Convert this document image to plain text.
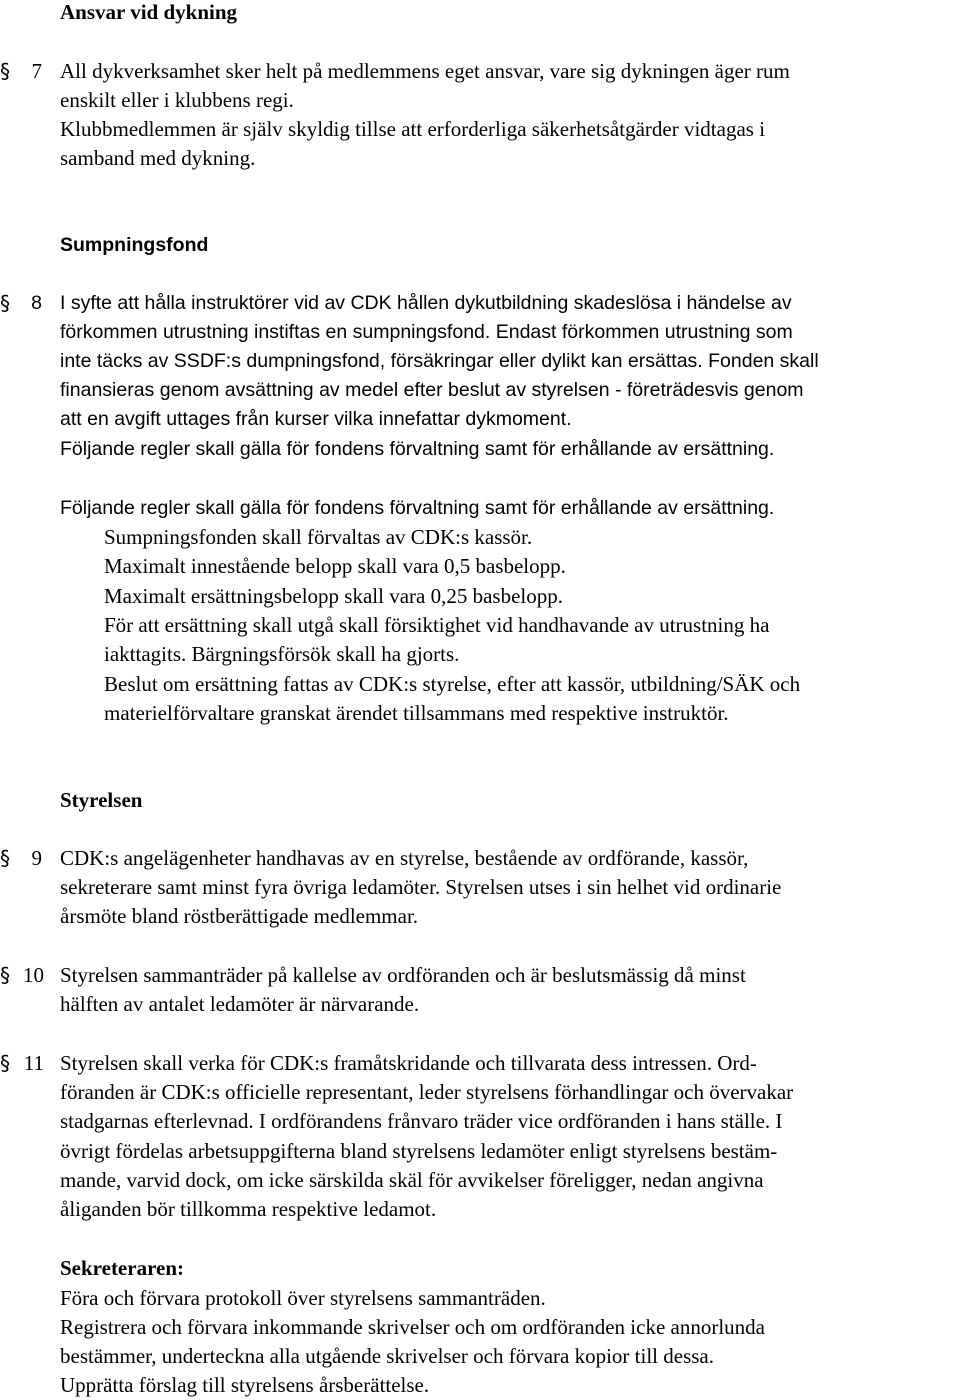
Ansvar vid dykning
§	7 All dykverksamhet sker helt på medlemmens eget ansvar, vare sig dykningen äger rum
enskilt eller i klubbens regi.
Klubbmedlemmen är själv skyldig tillse att erforderliga säkerhetsåtgärder vidtagas i
samband med dykning.
Sumpningsfond
§	8 I syfte att hålla instruktörer vid av CDK hållen dykutbildning skadeslösa i händelse av
förkommen utrustning instiftas en sumpningsfond. Endast förkommen utrustning som
inte täcks av SSDF:s dumpningsfond, försäkringar eller dylikt kan ersättas. Fonden skall
finansieras genom avsättning av medel efter beslut av styrelsen - företrädesvis genom
att en avgift uttages från kurser vilka innefattar dykmoment.
Följande regler skall gälla för fondens förvaltning samt för erhållande av ersättning.
Följande regler skall gälla för fondens förvaltning samt för erhållande av ersättning.
Sumpningsfonden skall förvaltas av CDK:s kassör.
Maximalt innestående belopp skall vara 0,5 basbelopp.
Maximalt ersättningsbelopp skall vara 0,25 basbelopp.
För att ersättning skall utgå skall försiktighet vid handhavande av utrustning ha
iakttagits. Bärgningsförsök skall ha gjorts.
Beslut om ersättning fattas av CDK:s styrelse, efter att kassör, utbildning/SÄK och
materielförvaltare granskat ärendet tillsammans med respektive instruktör.
Styrelsen
§	9 CDK:s angelägenheter handhavas av en styrelse, bestående av ordförande, kassör,
sekreterare samt minst fyra övriga ledamöter. Styrelsen utses i sin helhet vid ordinarie
årsmöte bland röstberättigade medlemmar.
§ 10 Styrelsen sammanträder på kallelse av ordföranden och är beslutsmässig då minst
hälften av antalet ledamöter är närvarande.
§ 11 Styrelsen skall verka för CDK:s framåtskridande och tillvarata dess intressen. Ord-
föranden är CDK:s officielle representant, leder styrelsens förhandlingar och övervakar
stadgarnas efterlevnad. I ordförandens frånvaro träder vice ordföranden i hans ställe. I
övrigt fördelas arbetsuppgifterna bland styrelsens ledamöter enligt styrelsens bestäm-
mande, varvid dock, om icke särskilda skäl för avvikelser föreligger, nedan angivna
åliganden bör tillkomma respektive ledamot.
Sekreteraren:
Föra och förvara protokoll över styrelsens sammanträden.
Registrera och förvara inkommande skrivelser och om ordföranden icke annorlunda
bestämmer, underteckna alla utgående skrivelser och förvara kopior till dessa.
Upprätta förslag till styrelsens årsberättelse.
